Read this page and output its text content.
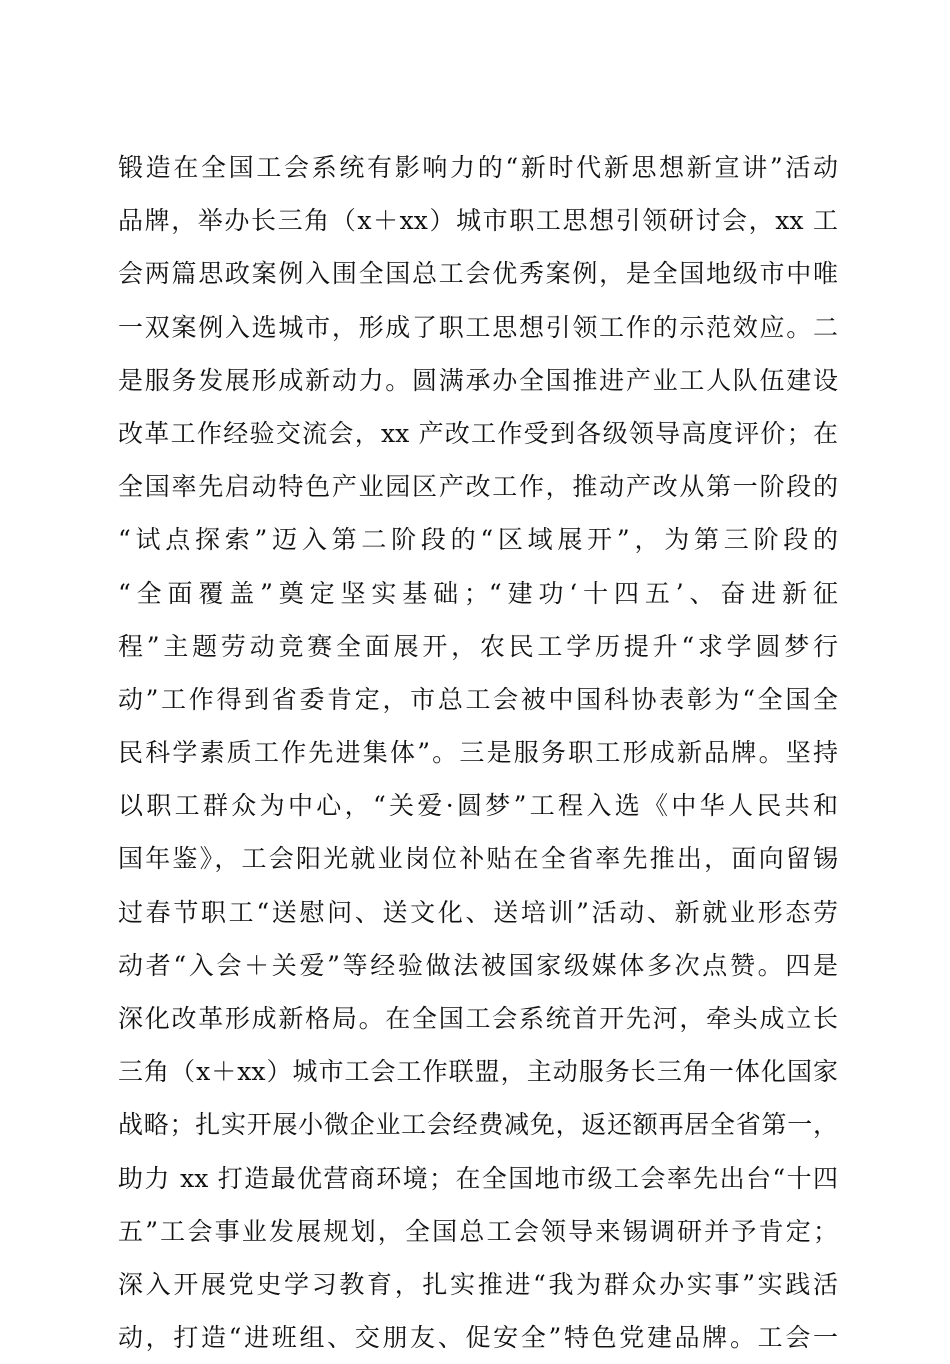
锻造在全国工会系统有影响力的“新时代新思想新宣讲”活动
品牌，举办长三角（x＋xx）城市职工思想引领研讨会，xx 工
会两篇思政案例入围全国总工会优秀案例，是全国地级市中唯
一双案例入选城市，形成了职工思想引领工作的示范效应。二
是服务发展形成新动力。圆满承办全国推进产业工人队伍建设
改革工作经验交流会，xx 产改工作受到各级领导高度评价；在
全国率先启动特色产业园区产改工作，推动产改从第一阶段的
“试点探索”迈入第二阶段的“区域展开”，为第三阶段的
“全面覆盖”奠定坚实基础；“建功‘十四五’、奋进新征
程”主题劳动竞赛全面展开，农民工学历提升“求学圆梦行
动”工作得到省委肯定，市总工会被中国科协表彰为“全国全
民科学素质工作先进集体”。三是服务职工形成新品牌。坚持
以职工群众为中心，“关爱·圆梦”工程入选《中华人民共和
国年鉴》，工会阳光就业岗位补贴在全省率先推出，面向留锡
过春节职工“送慰问、送文化、送培训”活动、新就业形态劳
动者“入会＋关爱”等经验做法被国家级媒体多次点赞。四是
深化改革形成新格局。在全国工会系统首开先河，牵头成立长
三角（x＋xx）城市工会工作联盟，主动服务长三角一体化国家
战略；扎实开展小微企业工会经费减免，返还额再居全省第一，
助力 xx 打造最优营商环境；在全国地市级工会率先出台“十四
五”工会事业发展规划，全国总工会领导来锡调研并予肯定；
深入开展党史学习教育，扎实推进“我为群众办实事”实践活
动，打造“进班组、交朋友、促安全”特色党建品牌。工会一
